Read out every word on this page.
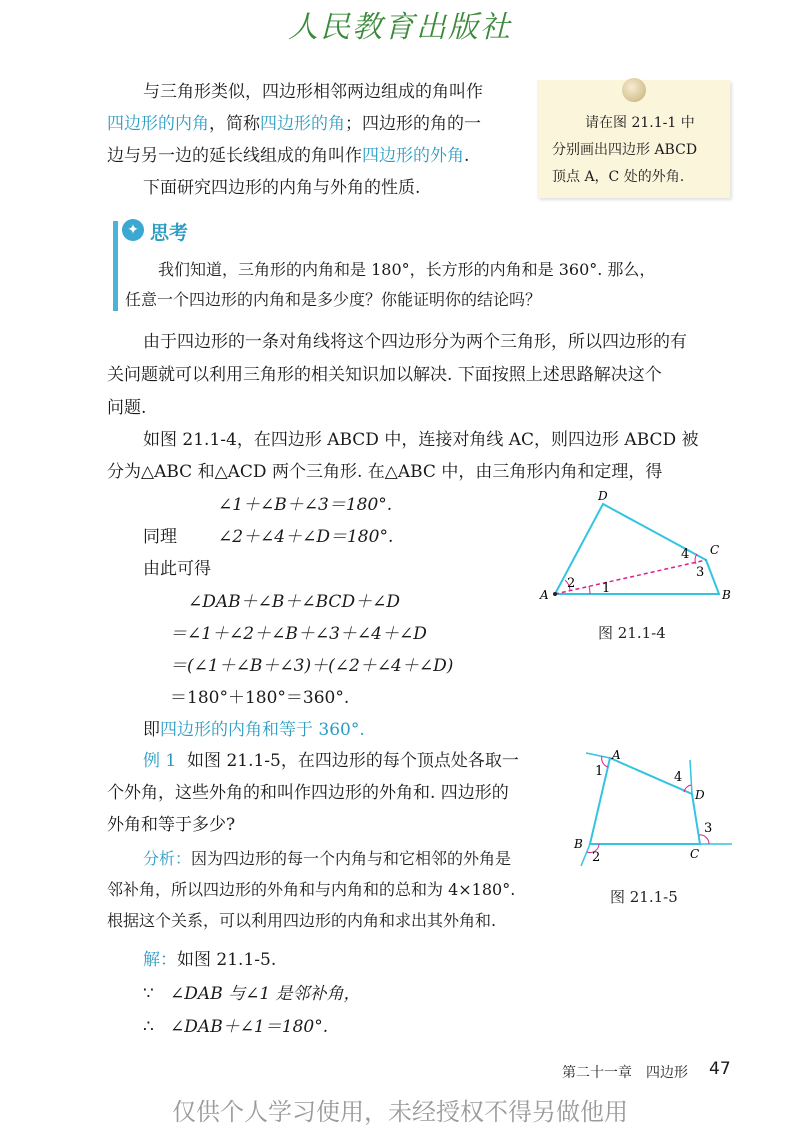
人民教育出版社
与三角形类似，四边形相邻两边组成的角叫作
四边形的内角，简称四边形的角；四边形的角的一
边与另一边的延长线组成的角叫作四边形的外角.
下面研究四边形的内角与外角的性质.
请在图 21.1-1 中
分别画出四边形 ABCD
顶点 A，C 处的外角.
✦ 思考
我们知道，三角形的内角和是 180°，长方形的内角和是 360°. 那么，
任意一个四边形的内角和是多少度？你能证明你的结论吗？
由于四边形的一条对角线将这个四边形分为两个三角形，所以四边形的有
关问题就可以利用三角形的相关知识加以解决. 下面按照上述思路解决这个
问题.
如图 21.1-4，在四边形 ABCD 中，连接对角线 AC，则四边形 ABCD 被
分为△ABC 和△ACD 两个三角形. 在△ABC 中，由三角形内角和定理，得
∠1＋∠B＋∠3＝180°.
同理 ∠2＋∠4＋∠D＝180°.
由此可得
∠DAB＋∠B＋∠BCD＋∠D
＝∠1＋∠2＋∠B＋∠3＋∠4＋∠D
＝(∠1＋∠B＋∠3)＋(∠2＋∠4＋∠D)
＝180°＋180°＝360°.
即四边形的内角和等于 360°.
A	B
C
D
1
2
3
4
图 21.1-4
例 1 如图 21.1-5，在四边形的每个顶点处各取一
个外角，这些外角的和叫作四边形的外角和. 四边形的
外角和等于多少?
分析：因为四边形的每一个内角与和它相邻的外角是
邻补角，所以四边形的外角和与内角和的总和为 4×180°.
根据这个关系，可以利用四边形的内角和求出其外角和.
A
B
C
D
1
2
3
4
图 21.1-5
解：如图 21.1-5.
∵ ∠DAB 与∠1 是邻补角，
∴ ∠DAB＋∠1＝180°.
第二十一章　四边形 47
仅供个人学习使用，未经授权不得另做他用
